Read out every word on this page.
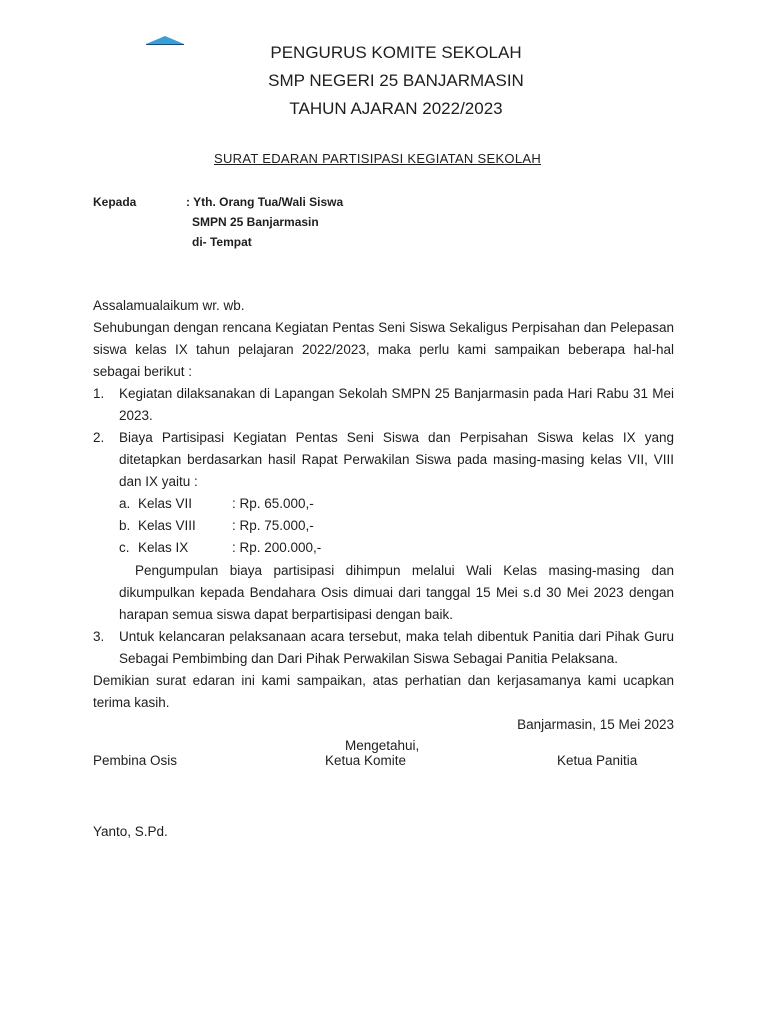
PENGURUS KOMITE SEKOLAH
SMP NEGERI 25 BANJARMASIN
TAHUN AJARAN 2022/2023
SURAT EDARAN PARTISIPASI KEGIATAN SEKOLAH
Kepada	: Yth. Orang Tua/Wali Siswa
SMPN 25 Banjarmasin
di- Tempat
Assalamualaikum wr. wb.
Sehubungan dengan rencana Kegiatan Pentas Seni Siswa Sekaligus Perpisahan dan Pelepasan
siswa kelas IX tahun pelajaran 2022/2023, maka perlu kami sampaikan beberapa hal-hal
sebagai berikut :
1. Kegiatan dilaksanakan di Lapangan Sekolah SMPN 25 Banjarmasin pada Hari Rabu 31 Mei
2023.
2. Biaya Partisipasi Kegiatan Pentas Seni Siswa dan Perpisahan Siswa kelas IX yang
ditetapkan berdasarkan hasil Rapat Perwakilan Siswa pada masing-masing kelas VII, VIII
dan IX yaitu :
a. Kelas VII	: Rp. 65.000,-
b. Kelas VIII	: Rp. 75.000,-
c. Kelas IX	: Rp. 200.000,-
Pengumpulan biaya partisipasi dihimpun melalui Wali Kelas masing-masing dan
dikumpulkan kepada Bendahara Osis dimuai dari tanggal 15 Mei s.d 30 Mei 2023 dengan
harapan semua siswa dapat berpartisipasi dengan baik.
3. Untuk kelancaran pelaksanaan acara tersebut, maka telah dibentuk Panitia dari Pihak Guru
Sebagai Pembimbing dan Dari Pihak Perwakilan Siswa Sebagai Panitia Pelaksana.
Demikian surat edaran ini kami sampaikan, atas perhatian dan kerjasamanya kami ucapkan
terima kasih.
Banjarmasin, 15 Mei 2023
Mengetahui,
Pembina Osis	Ketua Komite	Ketua Panitia
Yanto, S.Pd.
